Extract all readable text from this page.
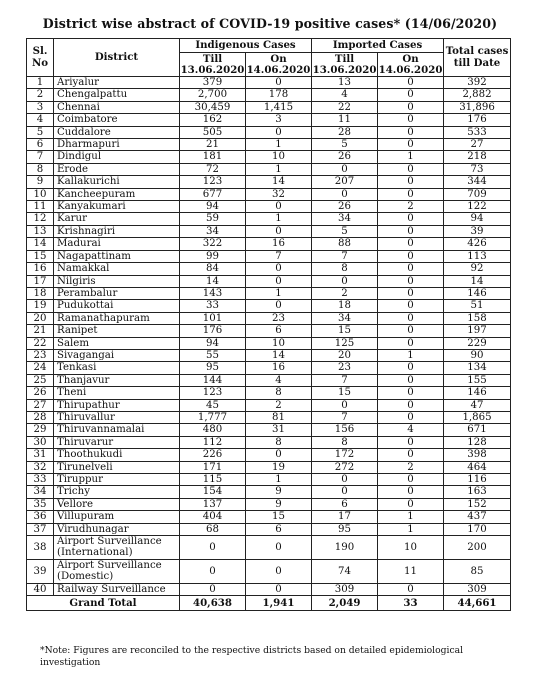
District wise abstract of COVID-19 positive cases* (14/06/2020)
Sl. No	District	Indigenous Cases		Imported Cases		Total cases till Date
		Till 13.06.2020	On 14.06.2020	Till 13.06.2020	On 14.06.2020	
1	Ariyalur	379	0	13	0	392
2	Chengalpattu	2,700	178	4	0	2,882
3	Chennai	30,459	1,415	22	0	31,896
4	Coimbatore	162	3	11	0	176
5	Cuddalore	505	0	28	0	533
6	Dharmapuri	21	1	5	0	27
7	Dindigul	181	10	26	1	218
8	Erode	72	1	0	0	73
9	Kallakurichi	123	14	207	0	344
10	Kancheepuram	677	32	0	0	709
11	Kanyakumari	94	0	26	2	122
12	Karur	59	1	34	0	94
13	Krishnagiri	34	0	5	0	39
14	Madurai	322	16	88	0	426
15	Nagapattinam	99	7	7	0	113
16	Namakkal	84	0	8	0	92
17	Nilgiris	14	0	0	0	14
18	Perambalur	143	1	2	0	146
19	Pudukottai	33	0	18	0	51
20	Ramanathapuram	101	23	34	0	158
21	Ranipet	176	6	15	0	197
22	Salem	94	10	125	0	229
23	Sivagangai	55	14	20	1	90
24	Tenkasi	95	16	23	0	134
25	Thanjavur	144	4	7	0	155
26	Theni	123	8	15	0	146
27	Thirupathur	45	2	0	0	47
28	Thiruvallur	1,777	81	7	0	1,865
29	Thiruvannamalai	480	31	156	4	671
30	Thiruvarur	112	8	8	0	128
31	Thoothukudi	226	0	172	0	398
32	Tirunelveli	171	19	272	2	464
33	Tiruppur	115	1	0	0	116
34	Trichy	154	9	0	0	163
35	Vellore	137	9	6	0	152
36	Villupuram	404	15	17	1	437
37	Virudhunagar	68	6	95	1	170
38	Airport Surveillance (International)	0	0	190	10	200
39	Airport Surveillance (Domestic)	0	0	74	11	85
40	Railway Surveillance	0	0	309	0	309
Grand Total		40,638	1,941	2,049	33	44,661
*Note: Figures are reconciled to the respective districts based on detailed epidemiological investigation
